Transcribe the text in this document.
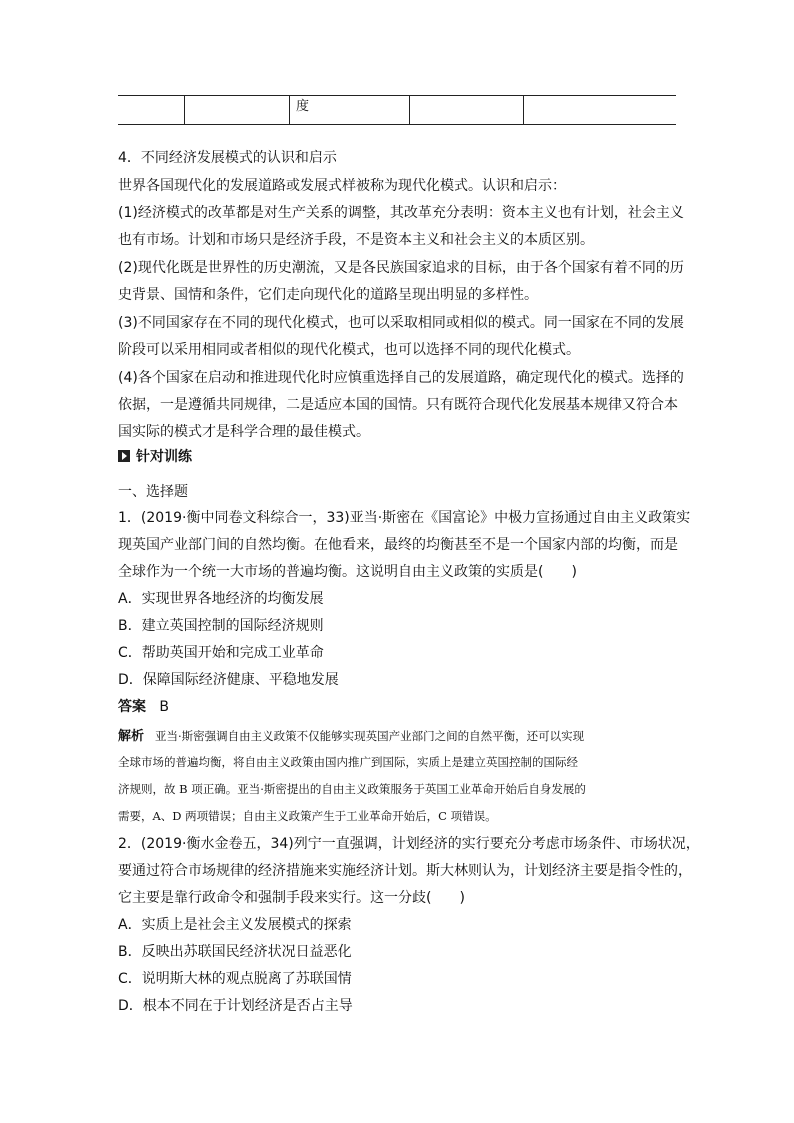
度
4．不同经济发展模式的认识和启示
世界各国现代化的发展道路或发展式样被称为现代化模式。认识和启示：
(1)经济模式的改革都是对生产关系的调整，其改革充分表明：资本主义也有计划，社会主义
也有市场。计划和市场只是经济手段，不是资本主义和社会主义的本质区别。
(2)现代化既是世界性的历史潮流，又是各民族国家追求的目标，由于各个国家有着不同的历
史背景、国情和条件，它们走向现代化的道路呈现出明显的多样性。
(3)不同国家存在不同的现代化模式，也可以采取相同或相似的模式。同一国家在不同的发展
阶段可以采用相同或者相似的现代化模式，也可以选择不同的现代化模式。
(4)各个国家在启动和推进现代化时应慎重选择自己的发展道路，确定现代化的模式。选择的
依据，一是遵循共同规律，二是适应本国的国情。只有既符合现代化发展基本规律又符合本
国实际的模式才是科学合理的最佳模式。
针对训练
一、选择题
1．(2019·衡中同卷文科综合一，33)亚当·斯密在《国富论》中极力宣扬通过自由主义政策实
现英国产业部门间的自然均衡。在他看来，最终的均衡甚至不是一个国家内部的均衡，而是
全球作为一个统一大市场的普遍均衡。这说明自由主义政策的实质是(　　)
A．实现世界各地经济的均衡发展
B．建立英国控制的国际经济规则
C．帮助英国开始和完成工业革命
D．保障国际经济健康、平稳地发展
答案 B
解析 亚当·斯密强调自由主义政策不仅能够实现英国产业部门之间的自然平衡，还可以实现
全球市场的普遍均衡，将自由主义政策由国内推广到国际，实质上是建立英国控制的国际经
济规则，故 B 项正确。亚当·斯密提出的自由主义政策服务于英国工业革命开始后自身发展的
需要，A、D 两项错误；自由主义政策产生于工业革命开始后，C 项错误。
2．(2019·衡水金卷五，34)列宁一直强调，计划经济的实行要充分考虑市场条件、市场状况，
要通过符合市场规律的经济措施来实施经济计划。斯大林则认为，计划经济主要是指令性的，
它主要是靠行政命令和强制手段来实行。这一分歧(　　)
A．实质上是社会主义发展模式的探索
B．反映出苏联国民经济状况日益恶化
C．说明斯大林的观点脱离了苏联国情
D．根本不同在于计划经济是否占主导
